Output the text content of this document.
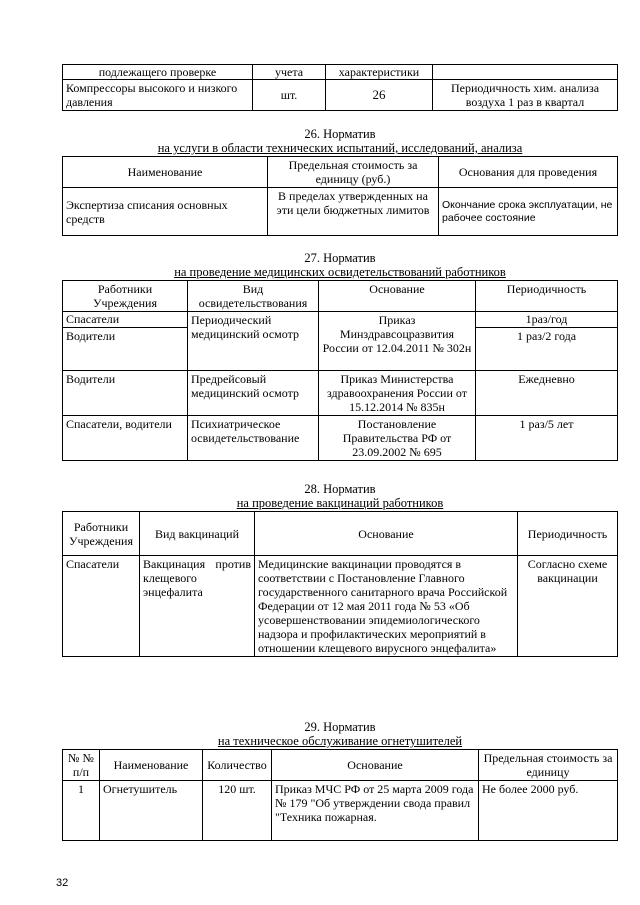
подлежащего проверке	учета	характеристики	
Компрессоры высокого и низкого давления	шт.	26	Периодичность хим. анализа воздуха 1 раз в квартал
26. Норматив
на услуги в области технических испытаний, исследований, анализа
Наименование	Предельная стоимость за единицу (руб.)	Основания для проведения
Экспертиза списания основных средств	В пределах утвержденных на эти цели бюджетных лимитов	Окончание срока эксплуатации, не рабочее состояние
27. Норматив
на проведение медицинских освидетельствований работников
Работники Учреждения	Вид освидетельствования	Основание	Периодичность
Спасатели	Периодический медицинский осмотр	Приказ Минздравсоцразвития России от 12.04.2011 № 302н	1раз/год
Водители			1 раз/2 года
Водители	Предрейсовый медицинский осмотр	Приказ Министерства здравоохранения России от 15.12.2014 № 835н	Ежедневно
Спасатели, водители	Психиатрическое освидетельствование	Постановление Правительства РФ от 23.09.2002 № 695	1 раз/5 лет
28. Норматив
на проведение вакцинаций работников
Работники Учреждения	Вид вакцинаций	Основание	Периодичность
Спасатели	Вакцинация против клещевого энцефалита	Медицинские вакцинации проводятся в соответствии с Постановление Главного государственного санитарного врача Российской Федерации от 12 мая 2011 года № 53 «Об усовершенствовании эпидемиологического надзора и профилактических мероприятий в отношении клещевого вирусного энцефалита»	Согласно схеме вакцинации
29. Норматив
на техническое обслуживание огнетушителей
№ № п/п	Наименование	Количество	Основание	Предельная стоимость за единицу
1	Огнетушитель	120 шт.	Приказ МЧС РФ от 25 марта 2009 года № 179 "Об утверждении свода правил "Техника пожарная.	Не более 2000 руб.
32
